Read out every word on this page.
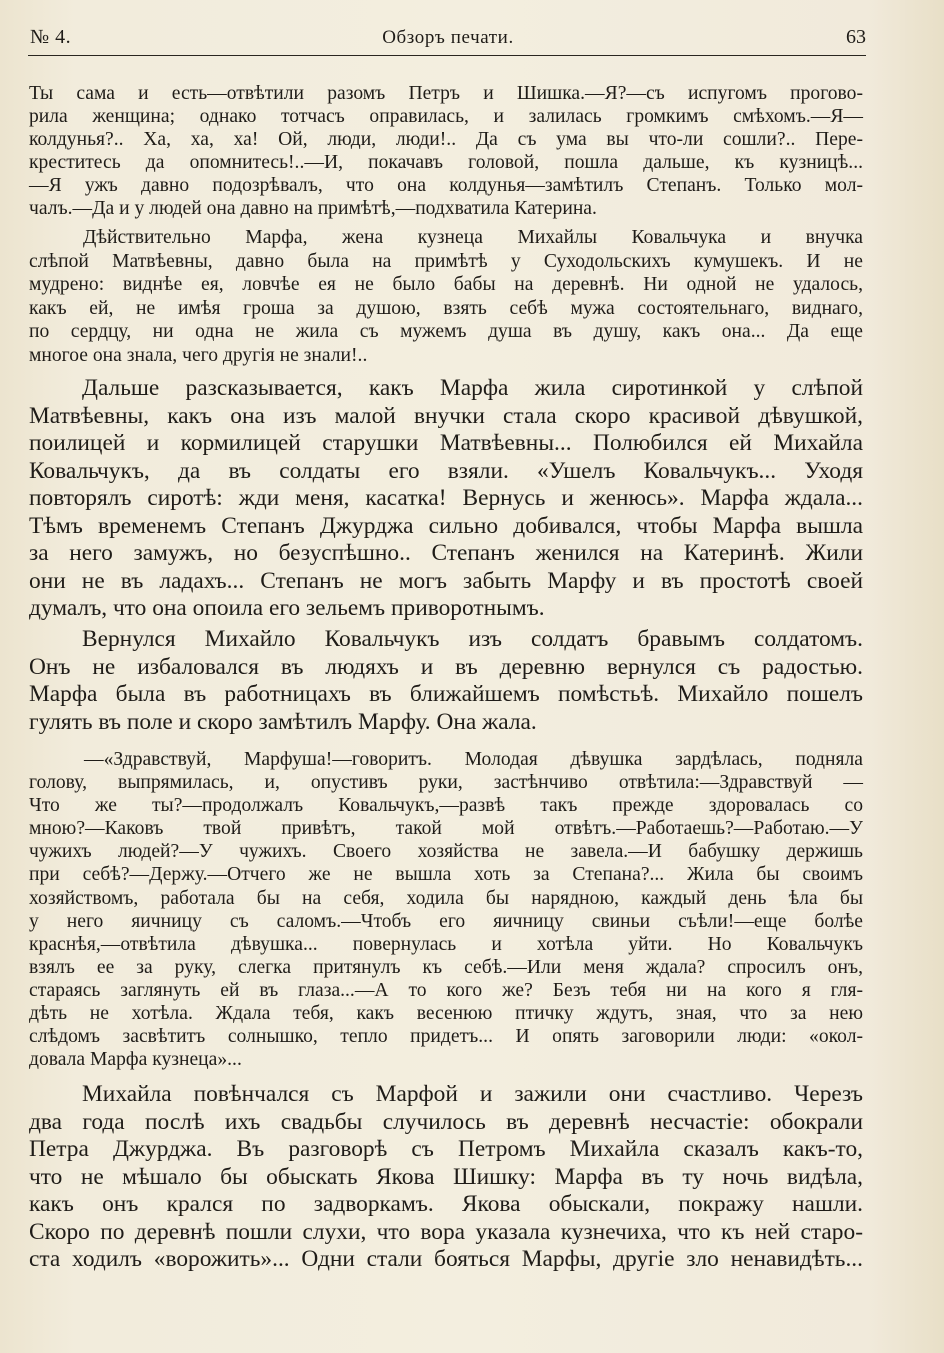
№ 4.	Обзоръ печати.	63
Ты сама и есть—отвѣтили разомъ Петръ и Шишка.—Я?—съ испугомъ прогово-
рила женщина; однако тотчасъ оправилась, и залилась громкимъ смѣхомъ.—Я—
колдунья?.. Ха, ха, ха! Ой, люди, люди!.. Да съ ума вы что-ли сошли?.. Пере-
креститесь да опомнитесь!..—И, покачавъ головой, пошла дальше, къ кузницѣ...
—Я ужъ давно подозрѣвалъ, что она колдунья—замѣтилъ Степанъ. Только мол-
чалъ.—Да и у людей она давно на примѣтѣ,—подхватила Катерина.
Дѣйствительно Марфа, жена кузнеца Михайлы Ковальчука и внучка
слѣпой Матвѣевны, давно была на примѣтѣ у Суходольскихъ кумушекъ. И не
мудрено: виднѣе ея, ловчѣе ея не было бабы на деревнѣ. Ни одной не удалось,
какъ ей, не имѣя гроша за душою, взять себѣ мужа состоятельнаго, виднаго,
по сердцу, ни одна не жила съ мужемъ душа въ душу, какъ она... Да еще
многое она знала, чего другія не знали!..
Дальше разсказывается, какъ Марфа жила сиротинкой у слѣпой
Матвѣевны, какъ она изъ малой внучки стала скоро красивой дѣвушкой,
поилицей и кормилицей старушки Матвѣевны... Полюбился ей Михайла
Ковальчукъ, да въ солдаты его взяли. «Ушелъ Ковальчукъ... Уходя
повторялъ сиротѣ: жди меня, касатка! Вернусь и женюсь». Марфа ждала...
Тѣмъ временемъ Степанъ Джурджа сильно добивался, чтобы Марфа вышла
за него замужъ, но безуспѣшно.. Степанъ женился на Катеринѣ. Жили
они не въ ладахъ... Степанъ не могъ забыть Марфу и въ простотѣ своей
думалъ, что она опоила его зельемъ приворотнымъ.
Вернулся Михайло Ковальчукъ изъ солдатъ бравымъ солдатомъ.
Онъ не избаловался въ людяхъ и въ деревню вернулся съ радостью.
Марфа была въ работницахъ въ ближайшемъ помѣстьѣ. Михайло пошелъ
гулять въ поле и скоро замѣтилъ Марфу. Она жала.
—«Здравствуй, Марфуша!—говоритъ. Молодая дѣвушка зардѣлась, подняла
голову, выпрямилась, и, опустивъ руки, застѣнчиво отвѣтила:—Здравствуй —
Что же ты?—продолжалъ Ковальчукъ,—развѣ такъ прежде здоровалась со
мною?—Каковъ твой привѣтъ, такой мой отвѣтъ.—Работаешь?—Работаю.—У
чужихъ людей?—У чужихъ. Своего хозяйства не завела.—И бабушку держишь
при себѣ?—Держу.—Отчего же не вышла хоть за Степана?... Жила бы своимъ
хозяйствомъ, работала бы на себя, ходила бы нарядною, каждый день ѣла бы
у него яичницу съ саломъ.—Чтобъ его яичницу свиньи съѣли!—еще болѣе
краснѣя,—отвѣтила дѣвушка... повернулась и хотѣла уйти. Но Ковальчукъ
взялъ ее за руку, слегка притянулъ къ себѣ.—Или меня ждала? спросилъ онъ,
стараясь заглянуть ей въ глаза...—А то кого же? Безъ тебя ни на кого я гля-
дѣть не хотѣла. Ждала тебя, какъ весенюю птичку ждутъ, зная, что за нею
слѣдомъ засвѣтитъ солнышко, тепло придетъ... И опять заговорили люди: «окол-
довала Марфа кузнеца»...
Михайла повѣнчался съ Марфой и зажили они счастливо. Черезъ
два года послѣ ихъ свадьбы случилось въ деревнѣ несчастіе: обокрали
Петра Джурджа. Въ разговорѣ съ Петромъ Михайла сказалъ какъ-то,
что не мѣшало бы обыскать Якова Шишку: Марфа въ ту ночь видѣла,
какъ онъ крался по задворкамъ. Якова обыскали, покражу нашли.
Скоро по деревнѣ пошли слухи, что вора указала кузнечиха, что къ ней старо-
ста ходилъ «ворожить»... Одни стали бояться Марфы, другіе зло ненавидѣть...
